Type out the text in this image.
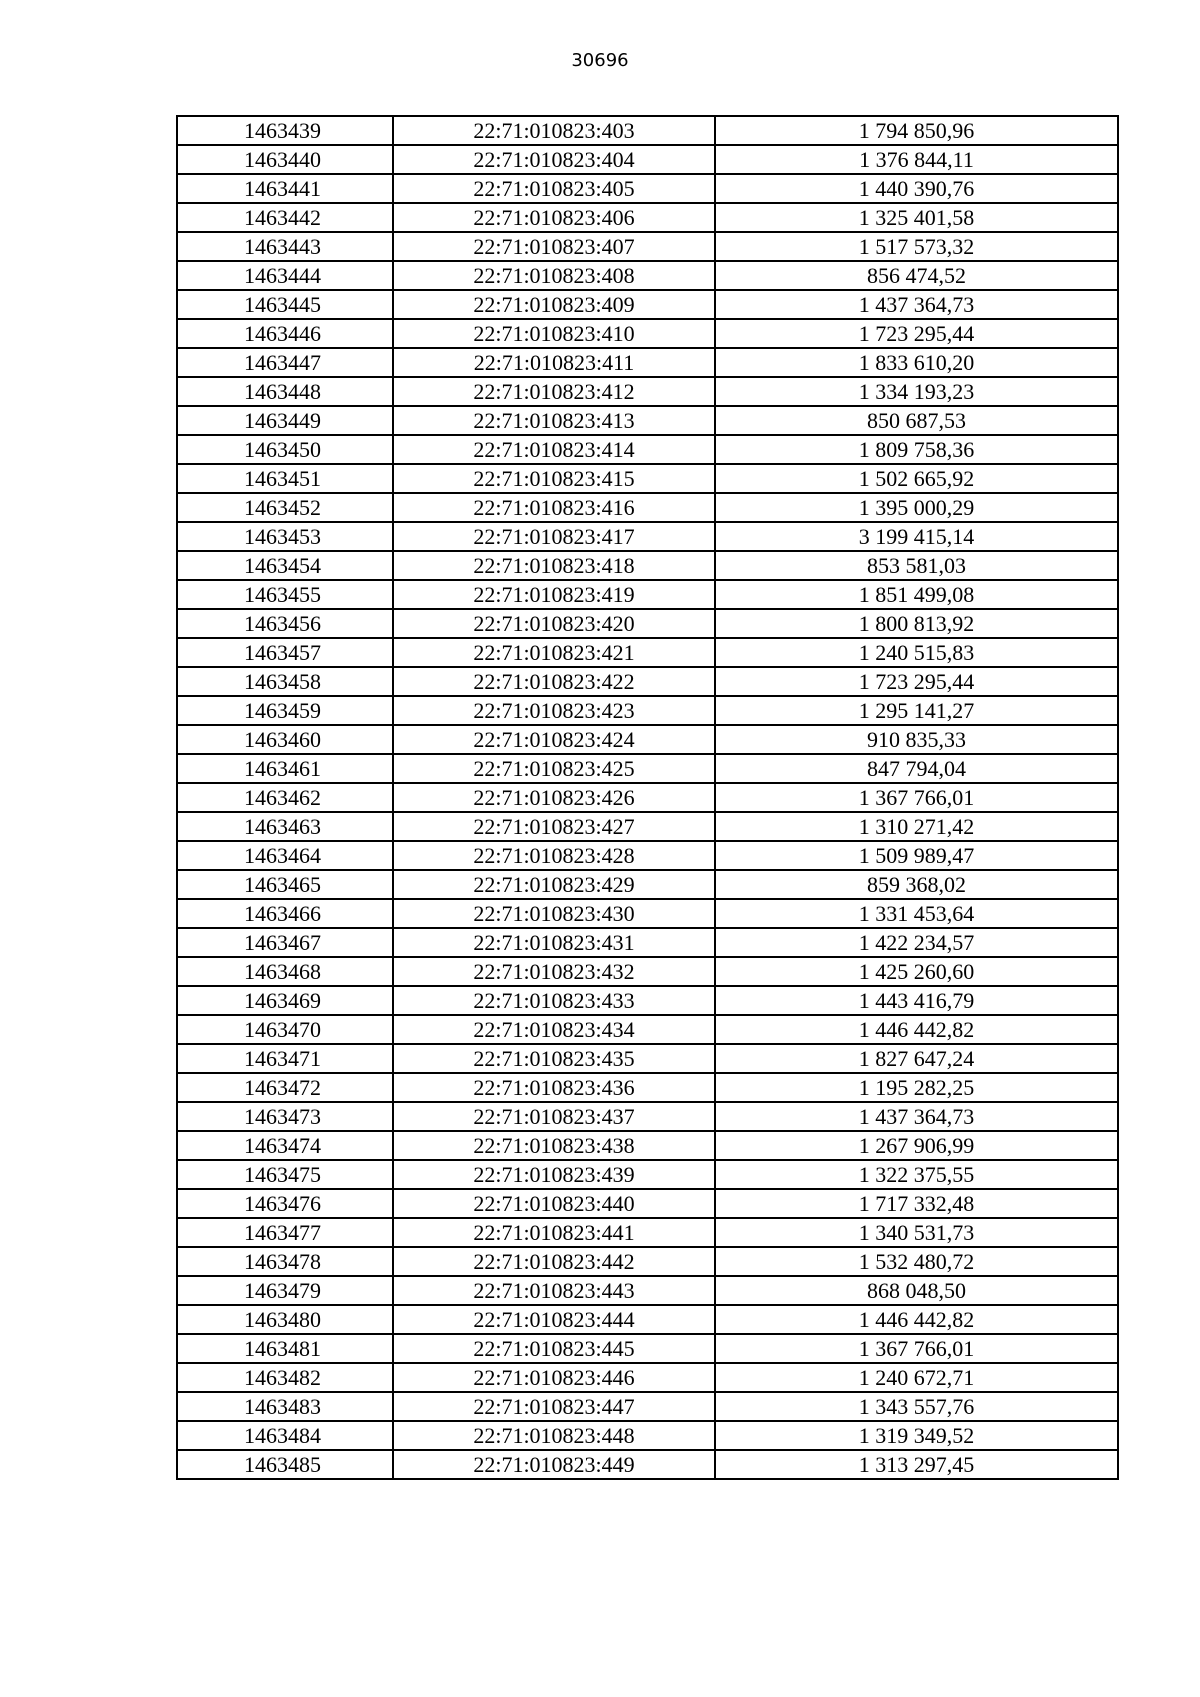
30696
1463439	22:71:010823:403	1 794 850,96
1463440	22:71:010823:404	1 376 844,11
1463441	22:71:010823:405	1 440 390,76
1463442	22:71:010823:406	1 325 401,58
1463443	22:71:010823:407	1 517 573,32
1463444	22:71:010823:408	856 474,52
1463445	22:71:010823:409	1 437 364,73
1463446	22:71:010823:410	1 723 295,44
1463447	22:71:010823:411	1 833 610,20
1463448	22:71:010823:412	1 334 193,23
1463449	22:71:010823:413	850 687,53
1463450	22:71:010823:414	1 809 758,36
1463451	22:71:010823:415	1 502 665,92
1463452	22:71:010823:416	1 395 000,29
1463453	22:71:010823:417	3 199 415,14
1463454	22:71:010823:418	853 581,03
1463455	22:71:010823:419	1 851 499,08
1463456	22:71:010823:420	1 800 813,92
1463457	22:71:010823:421	1 240 515,83
1463458	22:71:010823:422	1 723 295,44
1463459	22:71:010823:423	1 295 141,27
1463460	22:71:010823:424	910 835,33
1463461	22:71:010823:425	847 794,04
1463462	22:71:010823:426	1 367 766,01
1463463	22:71:010823:427	1 310 271,42
1463464	22:71:010823:428	1 509 989,47
1463465	22:71:010823:429	859 368,02
1463466	22:71:010823:430	1 331 453,64
1463467	22:71:010823:431	1 422 234,57
1463468	22:71:010823:432	1 425 260,60
1463469	22:71:010823:433	1 443 416,79
1463470	22:71:010823:434	1 446 442,82
1463471	22:71:010823:435	1 827 647,24
1463472	22:71:010823:436	1 195 282,25
1463473	22:71:010823:437	1 437 364,73
1463474	22:71:010823:438	1 267 906,99
1463475	22:71:010823:439	1 322 375,55
1463476	22:71:010823:440	1 717 332,48
1463477	22:71:010823:441	1 340 531,73
1463478	22:71:010823:442	1 532 480,72
1463479	22:71:010823:443	868 048,50
1463480	22:71:010823:444	1 446 442,82
1463481	22:71:010823:445	1 367 766,01
1463482	22:71:010823:446	1 240 672,71
1463483	22:71:010823:447	1 343 557,76
1463484	22:71:010823:448	1 319 349,52
1463485	22:71:010823:449	1 313 297,45
